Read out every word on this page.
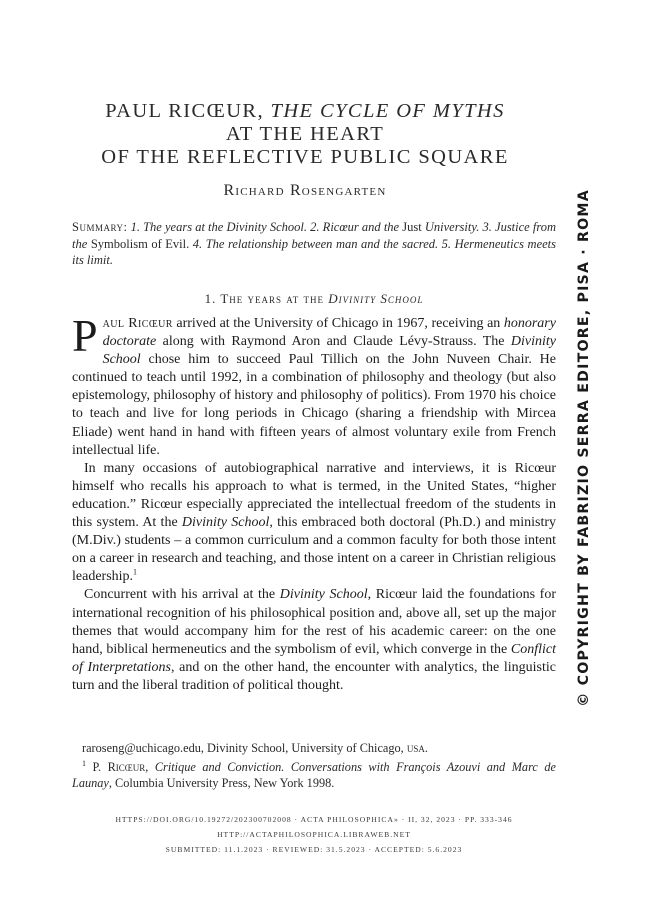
PAUL RICŒUR, THE CYCLE OF MYTHS
AT THE HEART
OF THE REFLECTIVE PUBLIC SQUARE
Richard Rosengarten
Summary: 1. The years at the Divinity School. 2. Ricœur and the Just University. 3. Justice from the Symbolism of Evil. 4. The relationship between man and the sacred. 5. Hermeneutics meets its limit.
1. The years at the Divinity School

Paul Ricœur arrived at the University of Chicago in 1967, receiving an honorary doctorate along with Raymond Aron and Claude Lévy-Strauss. The Divinity School chose him to succeed Paul Tillich on the John Nuveen Chair. He continued to teach until 1992, in a combination of philosophy and theology (but also epistemology, philosophy of history and philosophy of politics). From 1970 his choice to teach and live for long periods in Chicago (sharing a friendship with Mircea Eliade) went hand in hand with fifteen years of almost voluntary exile from French intellectual life.

In many occasions of autobiographical narrative and interviews, it is Ricœur himself who recalls his approach to what is termed, in the United States, “higher education.” Ricœur especially appreciated the intellectual freedom of the students in this system. At the Divinity School, this embraced both doctoral (Ph.D.) and ministry (M.Div.) students – a common curriculum and a common faculty for both those intent on a career in research and teaching, and those intent on a career in Christian religious leadership.$^1$

Concurrent with his arrival at the Divinity School, Ricœur laid the foundations for international recognition of his philosophical position and, above all, set up the major themes that would accompany him for the rest of his academic career: on the one hand, biblical hermeneutics and the symbolism of evil, which converge in the Conflict of Interpretations, and on the other hand, the encounter with analytics, the linguistic turn and the liberal tradition of political thought.

raroseng@uchicago.edu, Divinity School, University of Chicago, usa.

$^1$ P. Ricœur, Critique and Conviction. Conversations with François Azouvi and Marc de Launay, Columbia University Press, New York 1998.

HTTPS://DOI.ORG/10.19272/202300702008 · ACTA PHILOSOPHICA» · II, 32, 2023 · PP. 333-346
HTTP://ACTAPHILOSOPHICA.LIBRAWEB.NET
SUBMITTED: 11.1.2023 · REVIEWED: 31.5.2023 · ACCEPTED: 5.6.2023
© COPYRIGHT BY FABRIZIO SERRA EDITORE, PISA · ROMA
